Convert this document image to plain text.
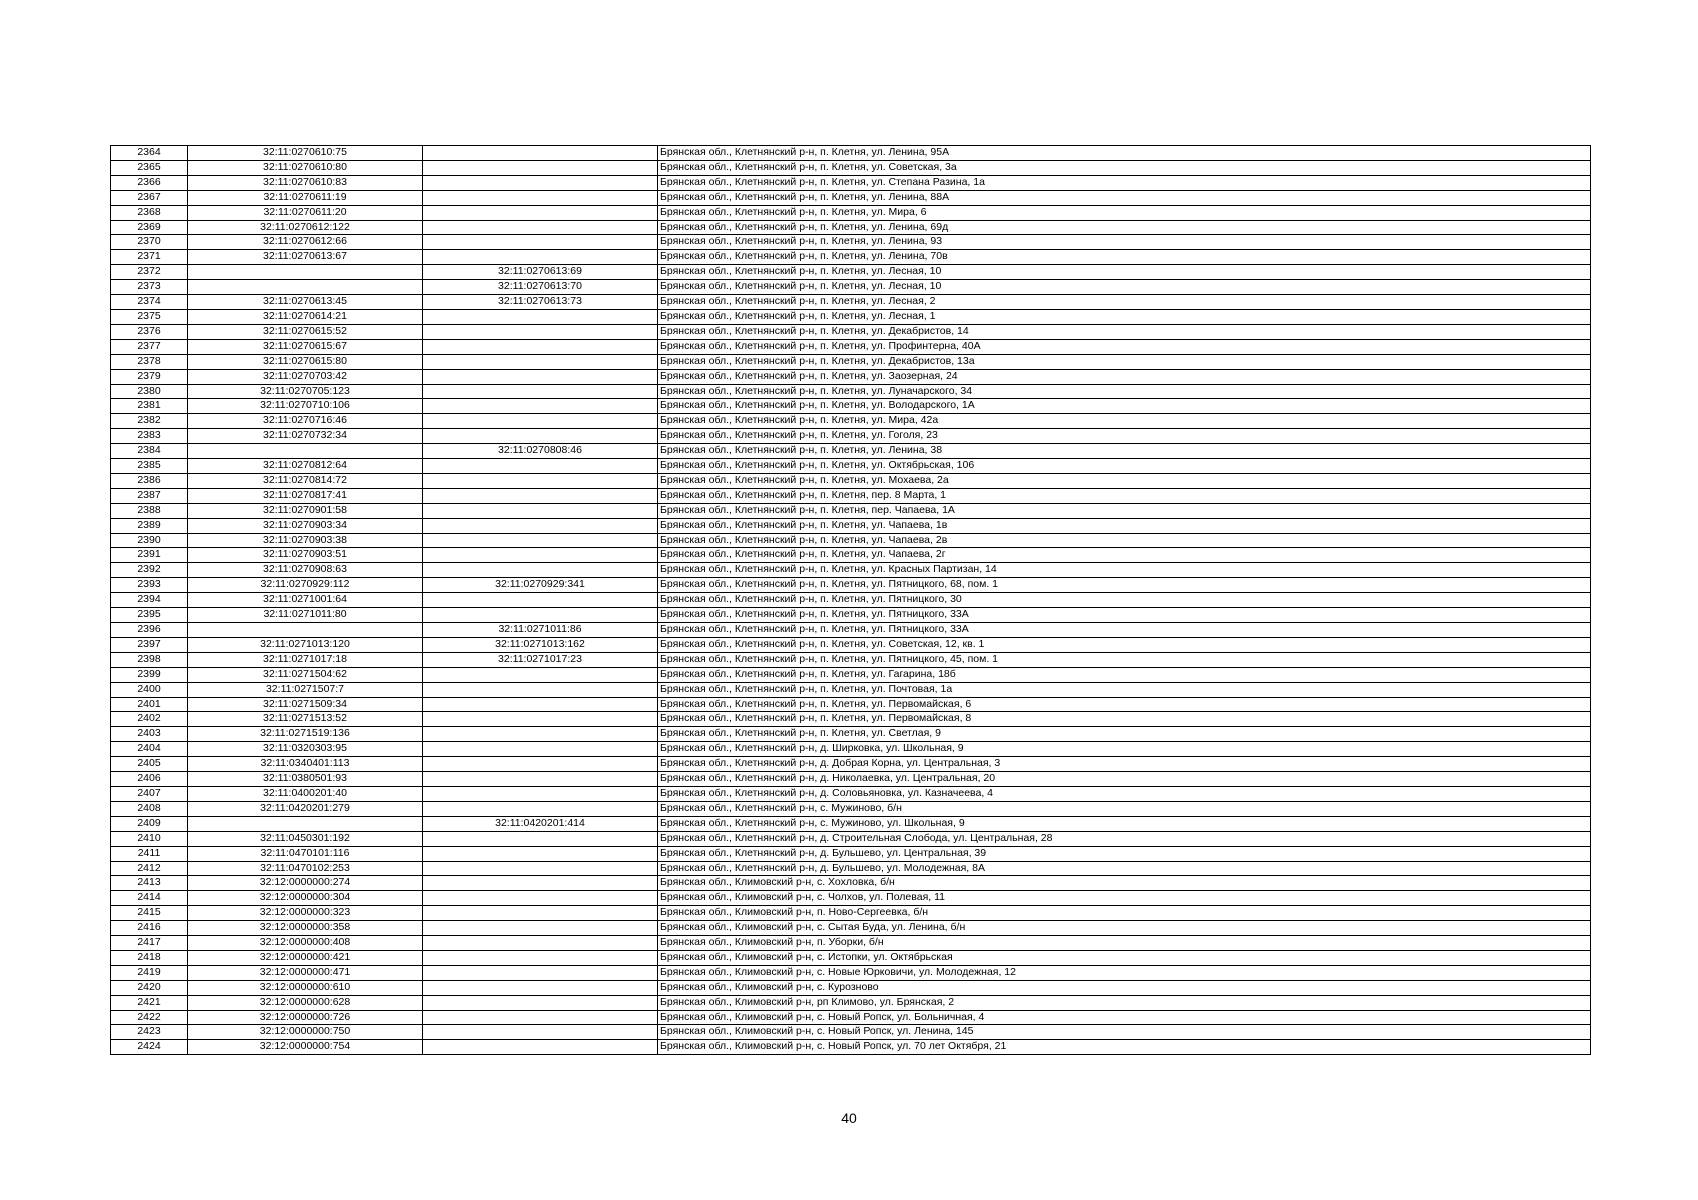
2364	32:11:0270610:75		Брянская обл., Клетнянский р-н, п. Клетня, ул. Ленина, 95А
2365	32:11:0270610:80		Брянская обл., Клетнянский р-н, п. Клетня, ул. Советская, 3а
2366	32:11:0270610:83		Брянская обл., Клетнянский р-н, п. Клетня, ул. Степана Разина, 1а
2367	32:11:0270611:19		Брянская обл., Клетнянский р-н, п. Клетня, ул. Ленина, 88А
2368	32:11:0270611:20		Брянская обл., Клетнянский р-н, п. Клетня, ул. Мира, 6
2369	32:11:0270612:122		Брянская обл., Клетнянский р-н, п. Клетня, ул. Ленина, 69д
2370	32:11:0270612:66		Брянская обл., Клетнянский р-н, п. Клетня, ул. Ленина, 93
2371	32:11:0270613:67		Брянская обл., Клетнянский р-н, п. Клетня, ул. Ленина, 70в
2372		32:11:0270613:69	Брянская обл., Клетнянский р-н, п. Клетня, ул. Лесная, 10
2373		32:11:0270613:70	Брянская обл., Клетнянский р-н, п. Клетня, ул. Лесная, 10
2374	32:11:0270613:45	32:11:0270613:73	Брянская обл., Клетнянский р-н, п. Клетня, ул. Лесная, 2
2375	32:11:0270614:21		Брянская обл., Клетнянский р-н, п. Клетня, ул. Лесная, 1
2376	32:11:0270615:52		Брянская обл., Клетнянский р-н, п. Клетня, ул. Декабристов, 14
2377	32:11:0270615:67		Брянская обл., Клетнянский р-н, п. Клетня, ул. Профинтерна, 40А
2378	32:11:0270615:80		Брянская обл., Клетнянский р-н, п. Клетня, ул. Декабристов, 13а
2379	32:11:0270703:42		Брянская обл., Клетнянский р-н, п. Клетня, ул. Заозерная, 24
2380	32:11:0270705:123		Брянская обл., Клетнянский р-н, п. Клетня, ул. Луначарского, 34
2381	32:11:0270710:106		Брянская обл., Клетнянский р-н, п. Клетня, ул. Володарского, 1А
2382	32:11:0270716:46		Брянская обл., Клетнянский р-н, п. Клетня, ул. Мира, 42а
2383	32:11:0270732:34		Брянская обл., Клетнянский р-н, п. Клетня, ул. Гоголя, 23
2384		32:11:0270808:46	Брянская обл., Клетнянский р-н, п. Клетня, ул. Ленина, 38
2385	32:11:0270812:64		Брянская обл., Клетнянский р-н, п. Клетня, ул. Октябрьская, 106
2386	32:11:0270814:72		Брянская обл., Клетнянский р-н, п. Клетня, ул. Мохаева, 2а
2387	32:11:0270817:41		Брянская обл., Клетнянский р-н, п. Клетня, пер. 8 Марта, 1
2388	32:11:0270901:58		Брянская обл., Клетнянский р-н, п. Клетня, пер. Чапаева, 1А
2389	32:11:0270903:34		Брянская обл., Клетнянский р-н, п. Клетня, ул. Чапаева, 1в
2390	32:11:0270903:38		Брянская обл., Клетнянский р-н, п. Клетня, ул. Чапаева, 2в
2391	32:11:0270903:51		Брянская обл., Клетнянский р-н, п. Клетня, ул. Чапаева, 2г
2392	32:11:0270908:63		Брянская обл., Клетнянский р-н, п. Клетня, ул. Красных Партизан, 14
2393	32:11:0270929:112	32:11:0270929:341	Брянская обл., Клетнянский р-н, п. Клетня, ул. Пятницкого, 68, пом. 1
2394	32:11:0271001:64		Брянская обл., Клетнянский р-н, п. Клетня, ул. Пятницкого, 30
2395	32:11:0271011:80		Брянская обл., Клетнянский р-н, п. Клетня, ул. Пятницкого, 33А
2396		32:11:0271011:86	Брянская обл., Клетнянский р-н, п. Клетня, ул. Пятницкого, 33А
2397	32:11:0271013:120	32:11:0271013:162	Брянская обл., Клетнянский р-н, п. Клетня, ул. Советская, 12, кв. 1
2398	32:11:0271017:18	32:11:0271017:23	Брянская обл., Клетнянский р-н, п. Клетня, ул. Пятницкого, 45, пом. 1
2399	32:11:0271504:62		Брянская обл., Клетнянский р-н, п. Клетня, ул. Гагарина, 18б
2400	32:11:0271507:7		Брянская обл., Клетнянский р-н, п. Клетня, ул. Почтовая, 1а
2401	32:11:0271509:34		Брянская обл., Клетнянский р-н, п. Клетня, ул. Первомайская, 6
2402	32:11:0271513:52		Брянская обл., Клетнянский р-н, п. Клетня, ул. Первомайская, 8
2403	32:11:0271519:136		Брянская обл., Клетнянский р-н, п. Клетня, ул. Светлая, 9
2404	32:11:0320303:95		Брянская обл., Клетнянский р-н, д. Ширковка, ул. Школьная, 9
2405	32:11:0340401:113		Брянская обл., Клетнянский р-н, д. Добрая Корна, ул. Центральная, 3
2406	32:11:0380501:93		Брянская обл., Клетнянский р-н, д. Николаевка, ул. Центральная, 20
2407	32:11:0400201:40		Брянская обл., Клетнянский р-н, д. Соловьяновка, ул. Казначеева, 4
2408	32:11:0420201:279		Брянская обл., Клетнянский р-н, с. Мужиново, б/н
2409		32:11:0420201:414	Брянская обл., Клетнянский р-н, с. Мужиново, ул. Школьная, 9
2410	32:11:0450301:192		Брянская обл., Клетнянский р-н, д. Строительная Слобода, ул. Центральная, 28
2411	32:11:0470101:116		Брянская обл., Клетнянский р-н, д. Бульшево, ул. Центральная, 39
2412	32:11:0470102:253		Брянская обл., Клетнянский р-н, д. Бульшево, ул. Молодежная, 8А
2413	32:12:0000000:274		Брянская обл., Климовский р-н, с. Хохловка, б/н
2414	32:12:0000000:304		Брянская обл., Климовский р-н, с. Чолхов, ул. Полевая, 11
2415	32:12:0000000:323		Брянская обл., Климовский р-н, п. Ново-Сергеевка, б/н
2416	32:12:0000000:358		Брянская обл., Климовский р-н, с. Сытая Буда, ул. Ленина, б/н
2417	32:12:0000000:408		Брянская обл., Климовский р-н, п. Уборки, б/н
2418	32:12:0000000:421		Брянская обл., Климовский р-н, с. Истопки, ул. Октябрьская
2419	32:12:0000000:471		Брянская обл., Климовский р-н, с. Новые Юрковичи, ул. Молодежная, 12
2420	32:12:0000000:610		Брянская обл., Климовский р-н, с. Курозново
2421	32:12:0000000:628		Брянская обл., Климовский р-н, рп Климово, ул. Брянская, 2
2422	32:12:0000000:726		Брянская обл., Климовский р-н, с. Новый Ропск, ул. Больничная, 4
2423	32:12:0000000:750		Брянская обл., Климовский р-н, с. Новый Ропск, ул. Ленина, 145
2424	32:12:0000000:754		Брянская обл., Климовский р-н, с. Новый Ропск, ул. 70 лет Октября, 21
40
